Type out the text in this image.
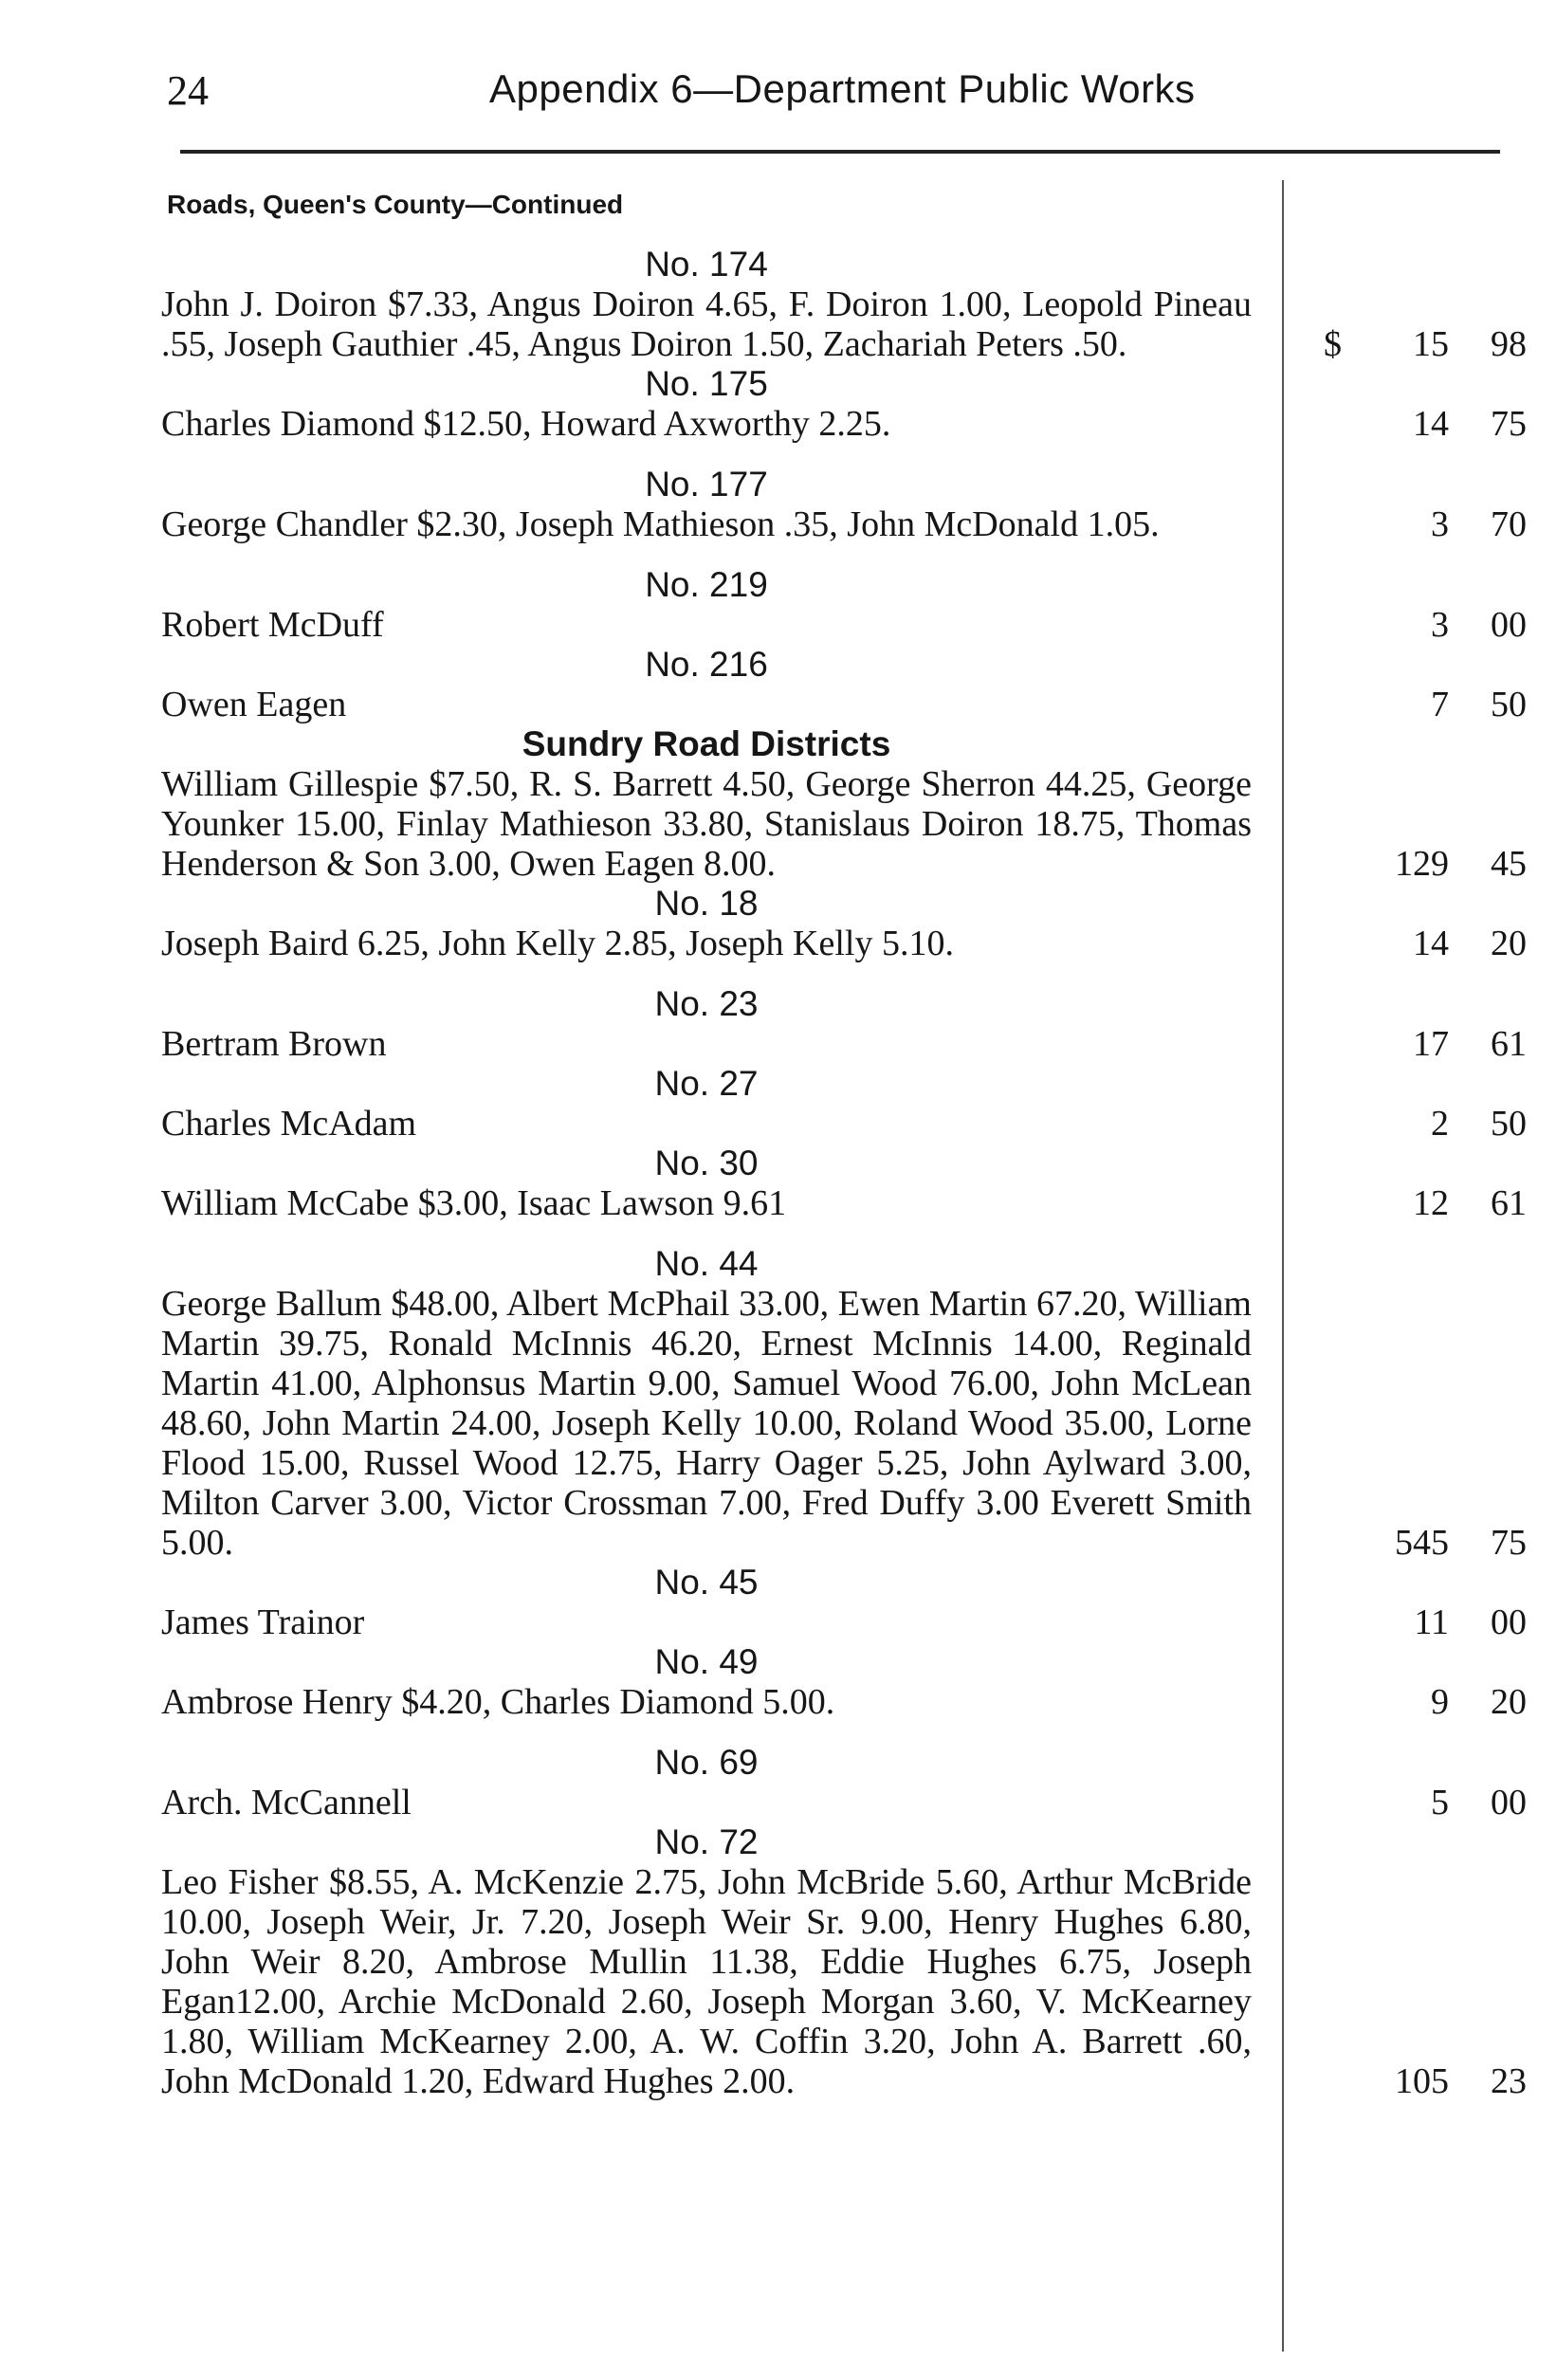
24	Appendix 6—Department Public Works
Roads, Queen's County—Continued
No. 174

John J. Doiron $7.33, Angus Doiron 4.65, F. Doiron 1.00, Leopold Pineau .55, Joseph Gauthier .45, Angus Doiron 1.50, Zachariah Peters .50.	$ 15	98
No. 175

Charles Diamond $12.50, Howard Axworthy 2.25.	14	75
No. 177

George Chandler $2.30, Joseph Mathieson .35, John McDonald 1.05.	3	70
No. 219

Robert McDuff	3	00
No. 216

Owen Eagen	7	50
Sundry Road Districts

William Gillespie $7.50, R. S. Barrett 4.50, George Sherron 44.25, George Younker 15.00, Finlay Mathieson 33.80, Stanislaus Doiron 18.75, Thomas Henderson & Son 3.00, Owen Eagen 8.00.	129	45
No. 18

Joseph Baird 6.25, John Kelly 2.85, Joseph Kelly 5.10.	14	20
No. 23

Bertram Brown	17	61
No. 27

Charles McAdam	2	50
No. 30

William McCabe $3.00, Isaac Lawson 9.61	12	61
No. 44

George Ballum $48.00, Albert McPhail 33.00, Ewen Martin 67.20, William Martin 39.75, Ronald McInnis 46.20, Ernest McInnis 14.00, Reginald Martin 41.00, Alphonsus Martin 9.00, Samuel Wood 76.00, John McLean 48.60, John Martin 24.00, Joseph Kelly 10.00, Roland Wood 35.00, Lorne Flood 15.00, Russel Wood 12.75, Harry Oager 5.25, John Aylward 3.00, Milton Carver 3.00, Victor Crossman 7.00, Fred Duffy 3.00 Everett Smith 5.00.	545	75
No. 45

James Trainor	11	00
No. 49

Ambrose Henry $4.20, Charles Diamond 5.00.	9	20
No. 69

Arch. McCannell	5	00
No. 72

Leo Fisher $8.55, A. McKenzie 2.75, John McBride 5.60, Arthur McBride 10.00, Joseph Weir, Jr. 7.20, Joseph Weir Sr. 9.00, Henry Hughes 6.80, John Weir 8.20, Ambrose Mullin 11.38, Eddie Hughes 6.75, Joseph Egan12.00, Archie McDonald 2.60, Joseph Morgan 3.60, V. McKearney 1.80, William McKearney 2.00, A. W. Coffin 3.20, John A. Barrett .60, John McDonald 1.20, Edward Hughes 2.00.	105	23
